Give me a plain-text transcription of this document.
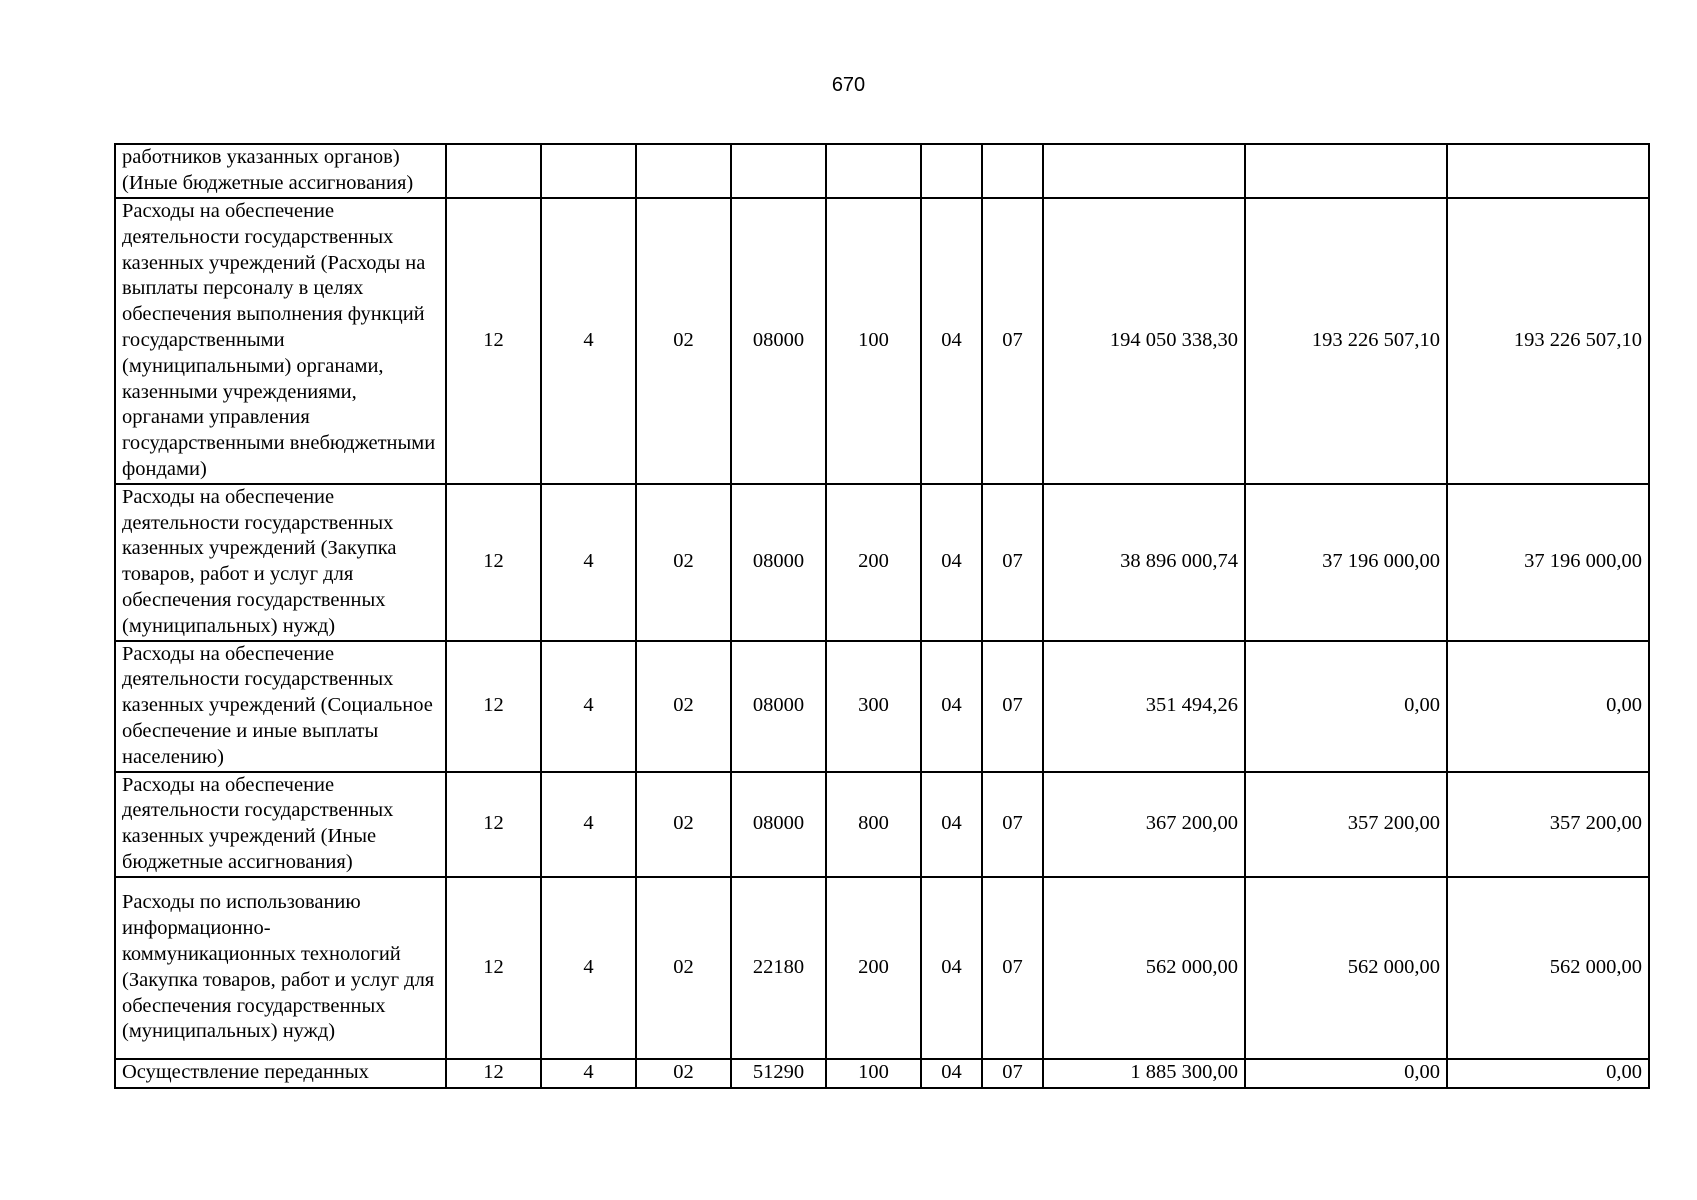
670
работников указанных органов) (Иные бюджетные ассигнования)										
Расходы на обеспечение деятельности государственных казенных учреждений (Расходы на выплаты персоналу в целях обеспечения выполнения функций государственными (муниципальными) органами, казенными учреждениями, органами управления государственными внебюджетными фондами)	12	4	02	08000	100	04	07	194 050 338,30	193 226 507,10	193 226 507,10
Расходы на обеспечение деятельности государственных казенных учреждений (Закупка товаров, работ и услуг для обеспечения государственных (муниципальных) нужд)	12	4	02	08000	200	04	07	38 896 000,74	37 196 000,00	37 196 000,00
Расходы на обеспечение деятельности государственных казенных учреждений (Социальное обеспечение и иные выплаты населению)	12	4	02	08000	300	04	07	351 494,26	0,00	0,00
Расходы на обеспечение деятельности государственных казенных учреждений (Иные бюджетные ассигнования)	12	4	02	08000	800	04	07	367 200,00	357 200,00	357 200,00
Расходы по использованию информационно-коммуникационных технологий (Закупка товаров, работ и услуг для обеспечения государственных (муниципальных) нужд)	12	4	02	22180	200	04	07	562 000,00	562 000,00	562 000,00
Осуществление переданных	12	4	02	51290	100	04	07	1 885 300,00	0,00	0,00
